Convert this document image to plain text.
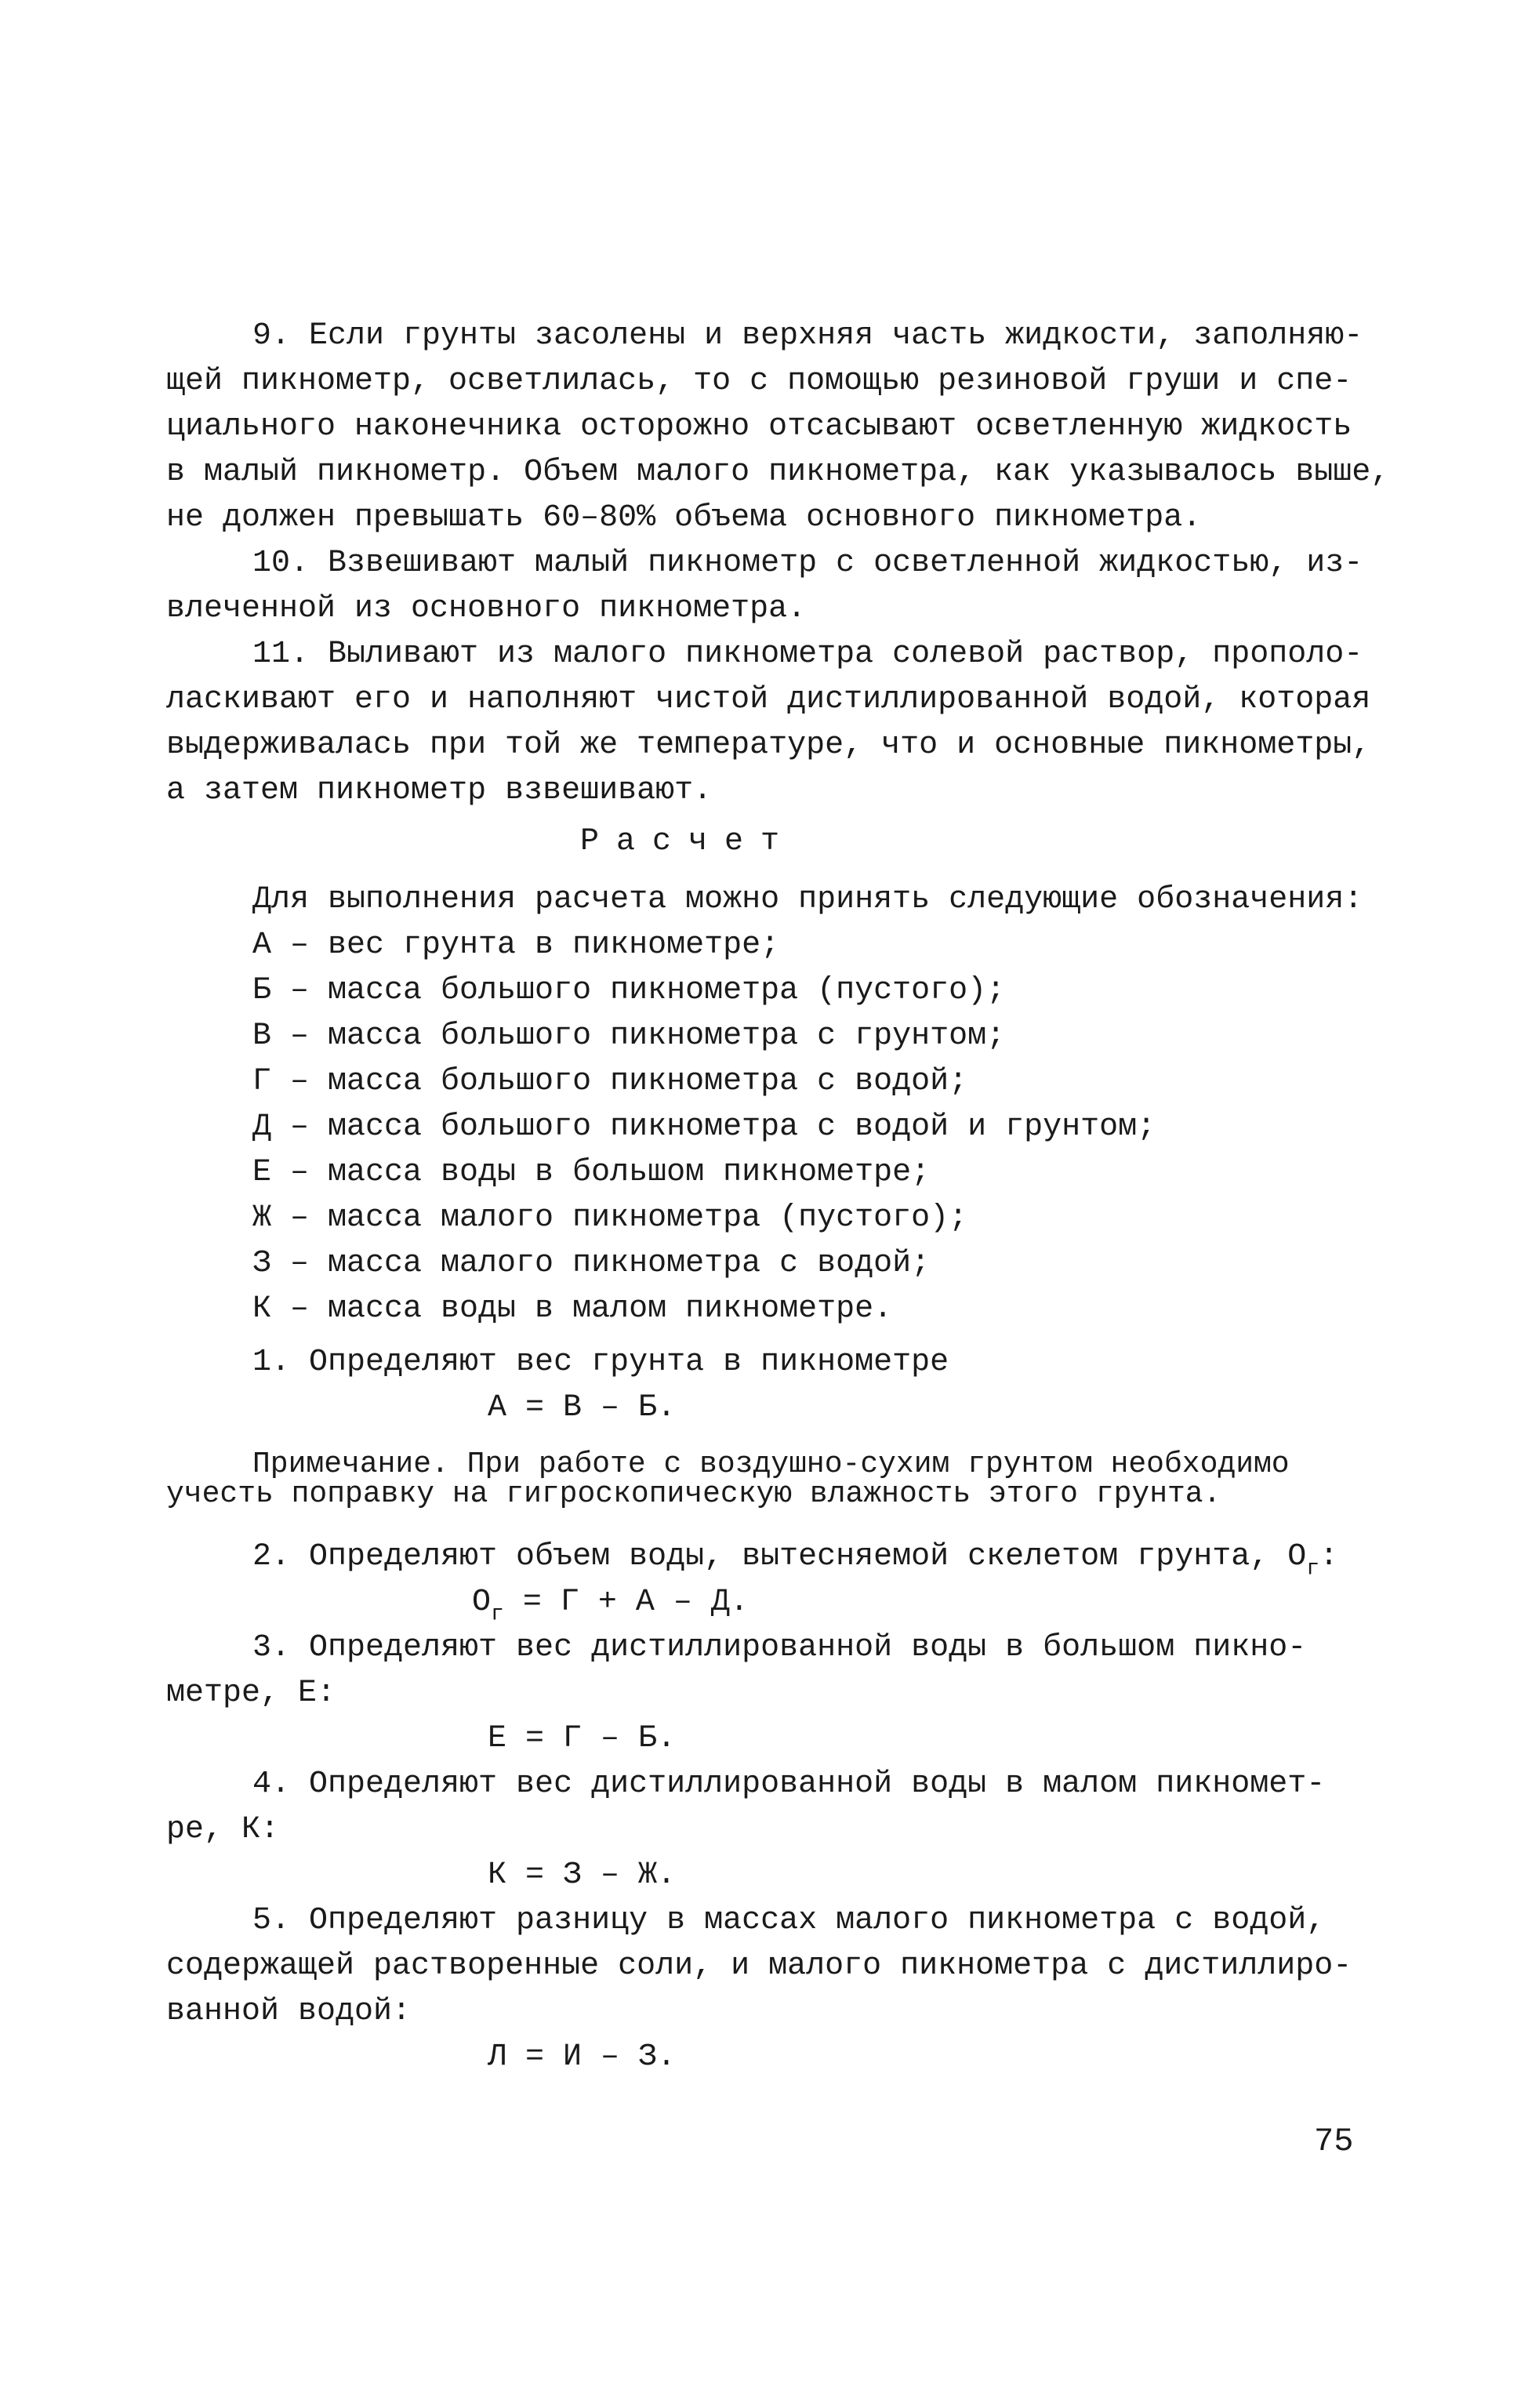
9. Если грунты засолены и верхняя часть жидкости, заполняю-

щей пикнометр, осветлилась, то с помощью резиновой груши и спе-

циального наконечника осторожно отсасывают осветленную жидкость

в малый пикнометр. Объем малого пикнометра, как указывалось выше,

не должен превышать 60–80% объема основного пикнометра.

10. Взвешивают малый пикнометр с осветленной жидкостью, из-

влеченной из основного пикнометра.

11. Выливают из малого пикнометра солевой раствор, прополо-

ласкивают его и наполняют чистой дистиллированной водой, которая

выдерживалась при той же температуре, что и основные пикнометры,

а затем пикнометр взвешивают.

Расчет

Для выполнения расчета можно принять следующие обозначения:

А – вес грунта в пикнометре;

Б – масса большого пикнометра (пустого);

В – масса большого пикнометра с грунтом;

Г – масса большого пикнометра с водой;

Д – масса большого пикнометра с водой и грунтом;

Е – масса воды в большом пикнометре;

Ж – масса малого пикнометра (пустого);

З – масса малого пикнометра с водой;

К – масса воды в малом пикнометре.

1. Определяют вес грунта в пикнометре

А = В – Б.

Примечание. При работе с воздушно-сухим грунтом необходимо

учесть поправку на гигроскопическую влажность этого грунта.

2. Определяют объем воды, вытесняемой скелетом грунта, $О_г$:

$О_г = Г + А - Д$.

3. Определяют вес дистиллированной воды в большом пикно-

метре, Е:

Е = Г – Б.

4. Определяют вес дистиллированной воды в малом пикномет-

ре, К:

К = З – Ж.

5. Определяют разницу в массах малого пикнометра с водой,

содержащей растворенные соли, и малого пикнометра с дистиллиро-

ванной водой:

Л = И – З.

75
